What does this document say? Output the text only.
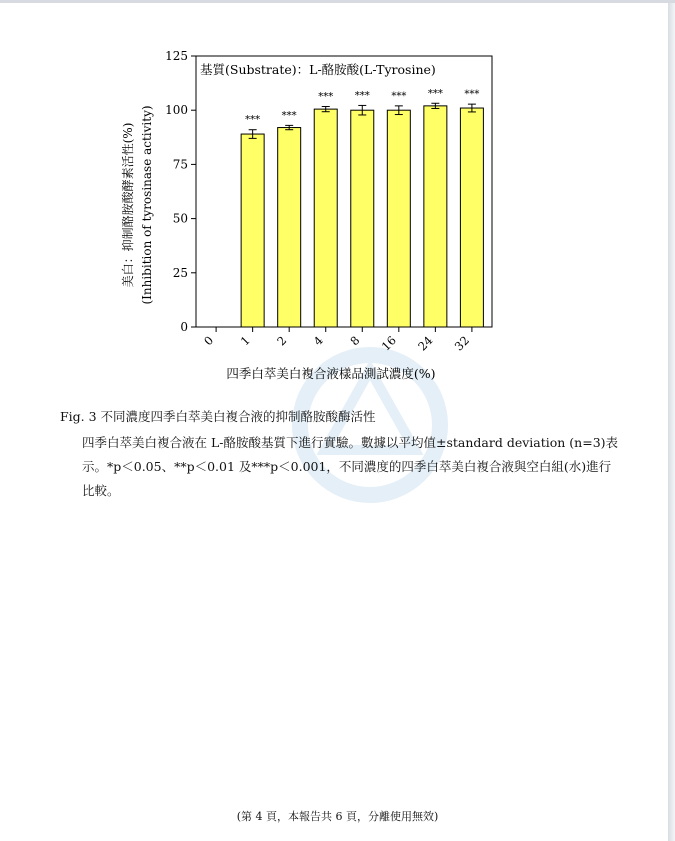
*** ***
*** *** *** *** ***
0
25
50
75
100
125
0 1 2 4 8 16 24 32
基質(Substrate)：L-酪胺酸(L-Tyrosine)
四季白萃美白複合液樣品測試濃度(%)
美白：抑制酪胺酸酵素活性(%) (Inhibition of tyrosinase activity)
Fig. 3 不同濃度四季白萃美白複合液的抑制酪胺酸酶活性
四季白萃美白複合液在 L-酪胺酸基質下進行實驗。數據以平均值±standard deviation (n=3)表示。*p＜0.05、**p＜0.01 及***p＜0.001，不同濃度的四季白萃美白複合液與空白組(水)進行比較。
(第 4 頁，本報告共 6 頁，分離使用無效)
